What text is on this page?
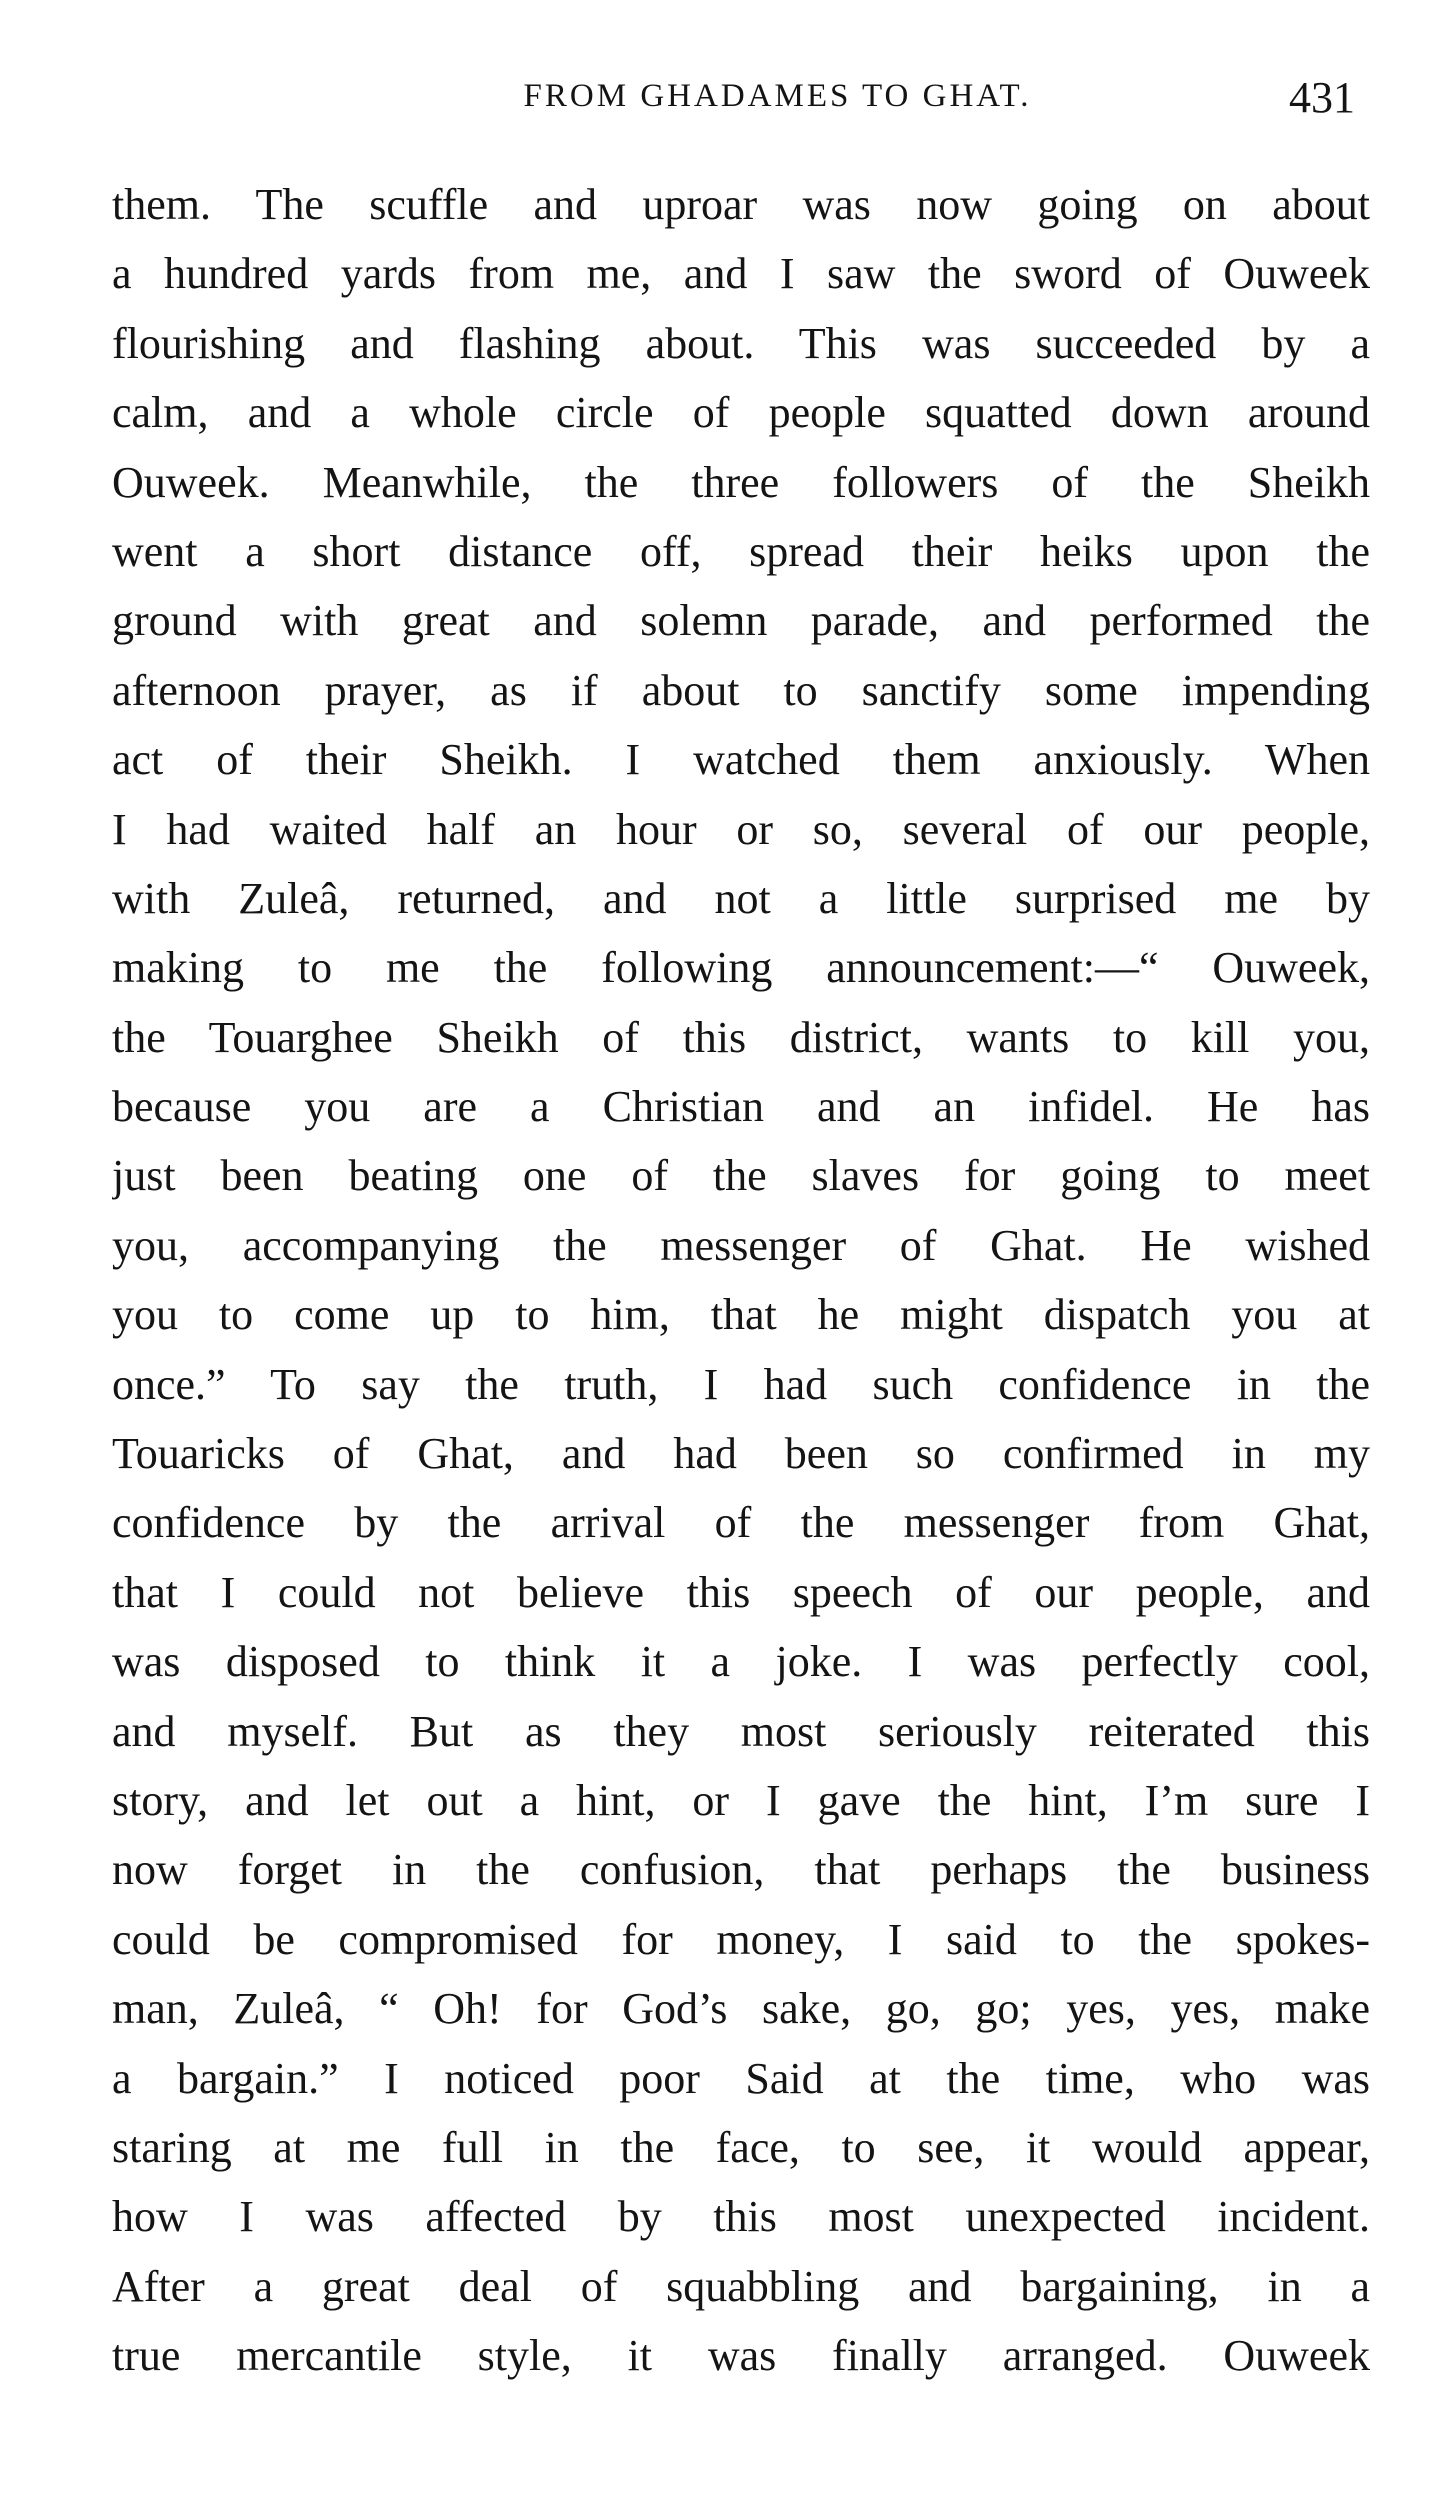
FROM GHADAMES TO GHAT.	431
them. The scuffle and uproar was now going on about
a hundred yards from me, and I saw the sword of Ouweek
flourishing and flashing about. This was succeeded by a
calm, and a whole circle of people squatted down around
Ouweek. Meanwhile, the three followers of the Sheikh
went a short distance off, spread their heiks upon the
ground with great and solemn parade, and performed the
afternoon prayer, as if about to sanctify some impending
act of their Sheikh. I watched them anxiously. When
I had waited half an hour or so, several of our people,
with Zuleâ, returned, and not a little surprised me by
making to me the following announcement:—“ Ouweek,
the Touarghee Sheikh of this district, wants to kill you,
because you are a Christian and an infidel. He has
just been beating one of the slaves for going to meet
you, accompanying the messenger of Ghat. He wished
you to come up to him, that he might dispatch you at
once.” To say the truth, I had such confidence in the
Touaricks of Ghat, and had been so confirmed in my
confidence by the arrival of the messenger from Ghat,
that I could not believe this speech of our people, and
was disposed to think it a joke. I was perfectly cool,
and myself. But as they most seriously reiterated this
story, and let out a hint, or I gave the hint, I’m sure I
now forget in the confusion, that perhaps the business
could be compromised for money, I said to the spokes-
man, Zuleâ, “ Oh! for God’s sake, go, go; yes, yes, make
a bargain.” I noticed poor Said at the time, who was
staring at me full in the face, to see, it would appear,
how I was affected by this most unexpected incident.
After a great deal of squabbling and bargaining, in a
true mercantile style, it was finally arranged. Ouweek
